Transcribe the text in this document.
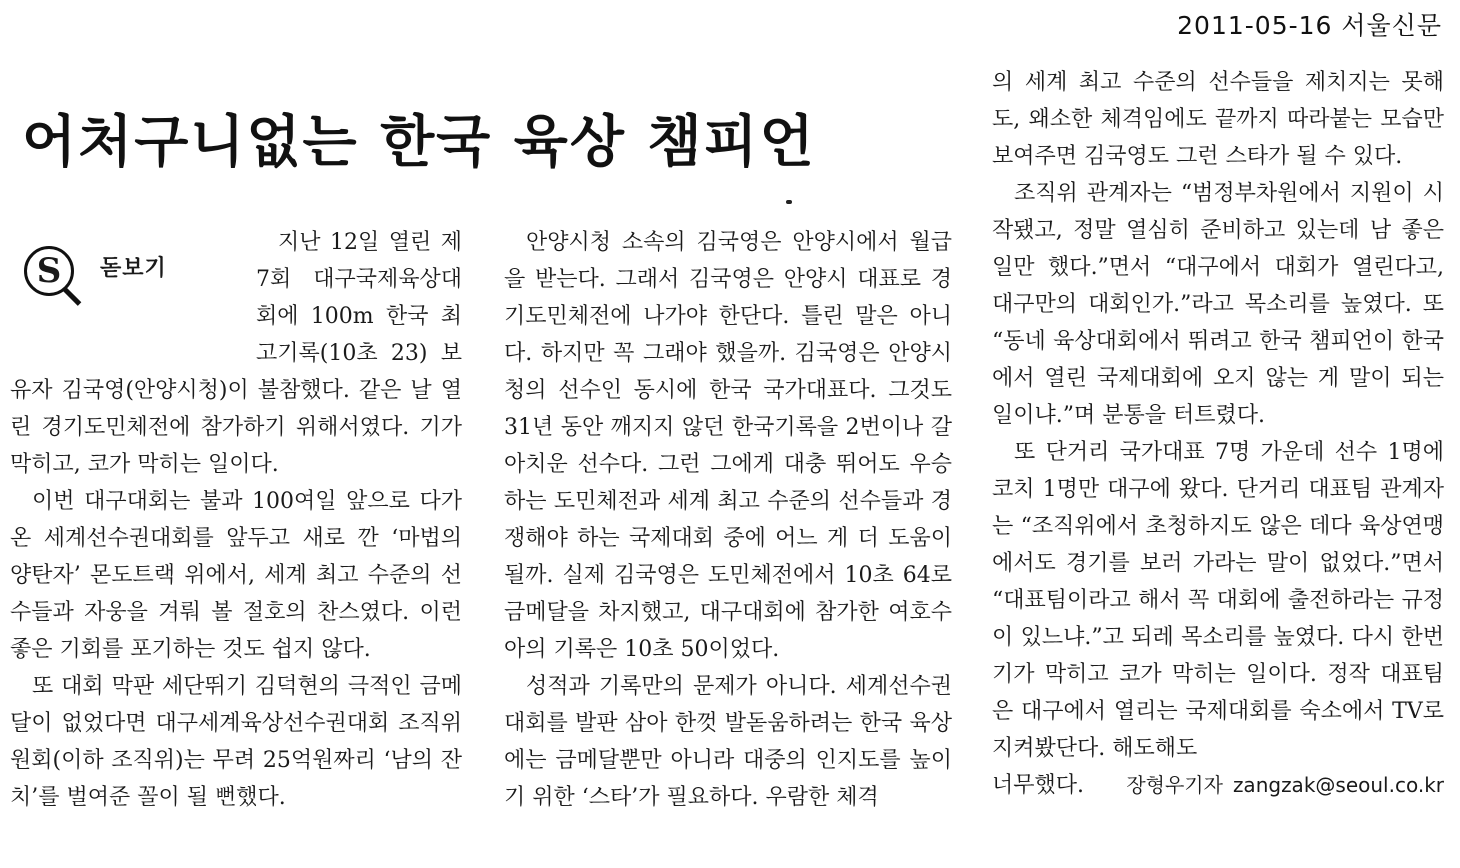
2011-05-16 서울신문
어처구니없는 한국 육상 챔피언
S	돋보기

지난 12일 열린 제7회 대구국제육상대회에 100m 한국 최고기록(10초 23) 보유자 김국영(안양시청)이 불참했다. 같은 날 열린 경기도민체전에 참가하기 위해서였다. 기가 막히고, 코가 막히는 일이다.

이번 대구대회는 불과 100여일 앞으로 다가온 세계선수권대회를 앞두고 새로 깐 ‘마법의 양탄자’ 몬도트랙 위에서, 세계 최고 수준의 선수들과 자웅을 겨뤄 볼 절호의 찬스였다. 이런 좋은 기회를 포기하는 것도 쉽지 않다.

또 대회 막판 세단뛰기 김덕현의 극적인 금메달이 없었다면 대구세계육상선수권대회 조직위원회(이하 조직위)는 무려 25억원짜리 ‘남의 잔치’를 벌여준 꼴이 될 뻔했다.

안양시청 소속의 김국영은 안양시에서 월급을 받는다. 그래서 김국영은 안양시 대표로 경기도민체전에 나가야 한단다. 틀린 말은 아니다. 하지만 꼭 그래야 했을까. 김국영은 안양시청의 선수인 동시에 한국 국가대표다. 그것도 31년 동안 깨지지 않던 한국기록을 2번이나 갈아치운 선수다. 그런 그에게 대충 뛰어도 우승하는 도민체전과 세계 최고 수준의 선수들과 경쟁해야 하는 국제대회 중에 어느 게 더 도움이 될까. 실제 김국영은 도민체전에서 10초 64로 금메달을 차지했고, 대구대회에 참가한 여호수아의 기록은 10초 50이었다.

성적과 기록만의 문제가 아니다. 세계선수권대회를 발판 삼아 한껏 발돋움하려는 한국 육상에는 금메달뿐만 아니라 대중의 인지도를 높이기 위한 ‘스타’가 필요하다. 우람한 체격

의 세계 최고 수준의 선수들을 제치지는 못해도, 왜소한 체격임에도 끝까지 따라붙는 모습만 보여주면 김국영도 그런 스타가 될 수 있다.

조직위 관계자는 “범정부차원에서 지원이 시작됐고, 정말 열심히 준비하고 있는데 남 좋은 일만 했다.”면서 “대구에서 대회가 열린다고, 대구만의 대회인가.”라고 목소리를 높였다. 또 “동네 육상대회에서 뛰려고 한국 챔피언이 한국에서 열린 국제대회에 오지 않는 게 말이 되는 일이냐.”며 분통을 터트렸다.

또 단거리 국가대표 7명 가운데 선수 1명에 코치 1명만 대구에 왔다. 단거리 대표팀 관계자는 “조직위에서 초청하지도 않은 데다 육상연맹에서도 경기를 보러 가라는 말이 없었다.”면서 “대표팀이라고 해서 꼭 대회에 출전하라는 규정이 있느냐.”고 되레 목소리를 높였다. 다시 한번 기가 막히고 코가 막히는 일이다. 정작 대표팀은 대구에서 열리는 국제대회를 숙소에서 TV로 지켜봤단다. 해도해도

너무했다.	장형우기자 zangzak@seoul.co.kr
